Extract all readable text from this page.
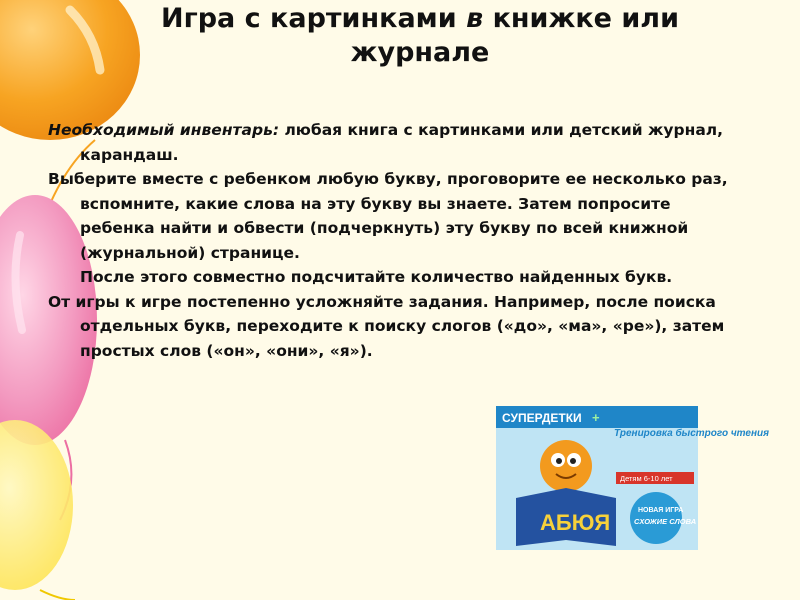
Игра с картинками в книжке или журнале

Необходимый инвентарь: любая книга с картинками или детский журнал, карандаш.

Выберите вместе с ребенком любую букву, проговорите ее несколько раз, вспомните, какие слова на эту букву вы знаете. Затем попросите ребенка найти и обвести (подчеркнуть) эту букву по всей книжной (журнальной) странице.

После этого совместно подсчитайте количество найденных букв.

От игры к игре постепенно усложняйте задания. Например, после поиска отдельных букв, переходите к поиску слогов («до», «ма», «ре»), затем простых слов («он», «они», «я»).

СУПЕРДЕТКИ +
Тренировка быстрого чтения
Детям 6-10 лет
АБЮЯ	НОВАЯ ИГРА
СХОЖИЕ СЛОВА
